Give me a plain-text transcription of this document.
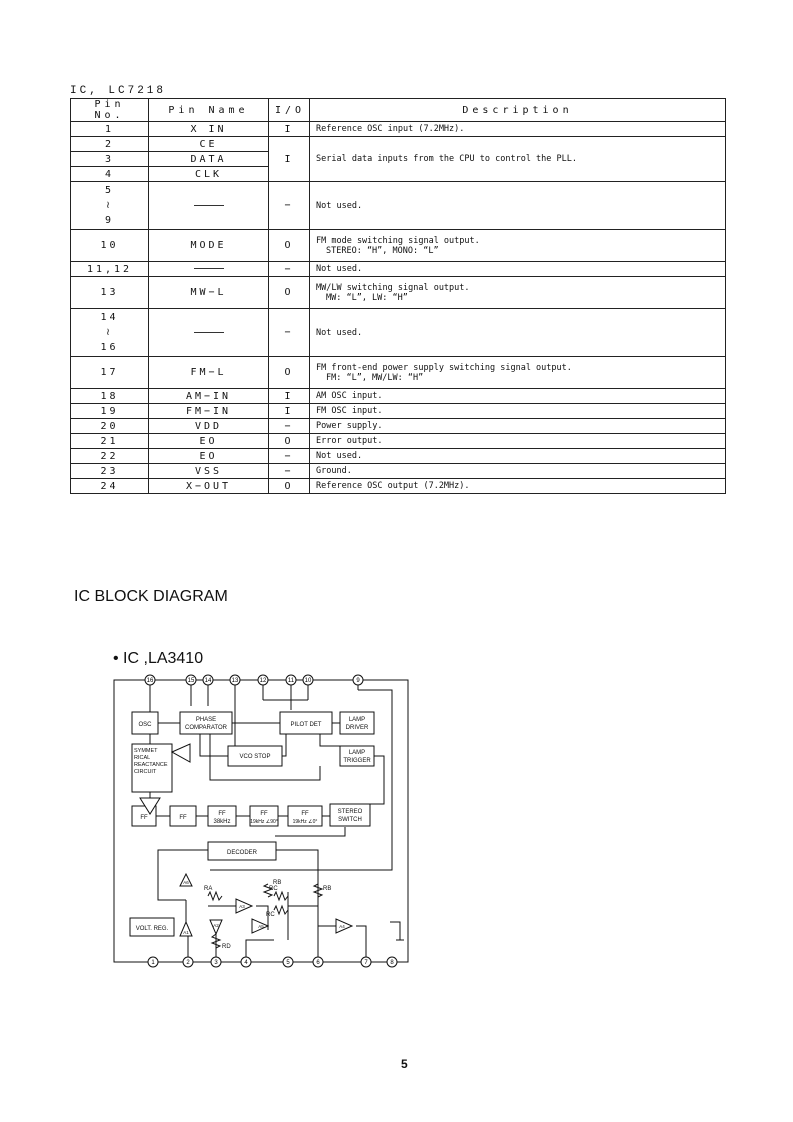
IC, LC7218
Pin No.	Pin Name	I/O	Description
1	X IN	I	Reference OSC input (7.2MHz).
2	CE	I	Serial data inputs from the CPU to control the PLL.
3	DATA		
4	CLK		

5
≀
9		−	Not used.
10	MODE	O	FM mode switching signal output.
STEREO: “H”, MONO: “L”

11,12		−	Not used.
13	MW−L	O	MW/LW switching signal output.
MW: “L”, LW: “H”

14
≀
16		−	Not used.
17	FM−L	O	FM front-end power supply switching signal output.
FM: “L”, MW/LW: “H”

18	AM−IN	I	AM OSC input.
19	FM−IN	I	FM OSC input.
20	VDD	−	Power supply.
21	EO	O	Error output.
22	EO	−	Not used.
23	VSS	−	Ground.
24	X−OUT	O	Reference OSC output (7.2MHz).
IC BLOCK DIAGRAM
• IC ,LA3410
OSC
PHASE
COMPARATOR	PILOT DET
LAMP
DRIVER
VCO STOP
LAMP
TRIGGER
FF	FF
FF
38kHz
FF
19kHz ∠90°
FF
19kHz ∠0°
STEREO
SWITCH
DECODER
VOLT. REG.
SYMMET
RICAL
REACTANCE
CIRCUIT
RA
RB
RB
RC
RC
RD
A1
A2
A3
A4
A5
A6
16	15 14	13	12	11 10	9
1	2	3	4	5	6	7	8
5
